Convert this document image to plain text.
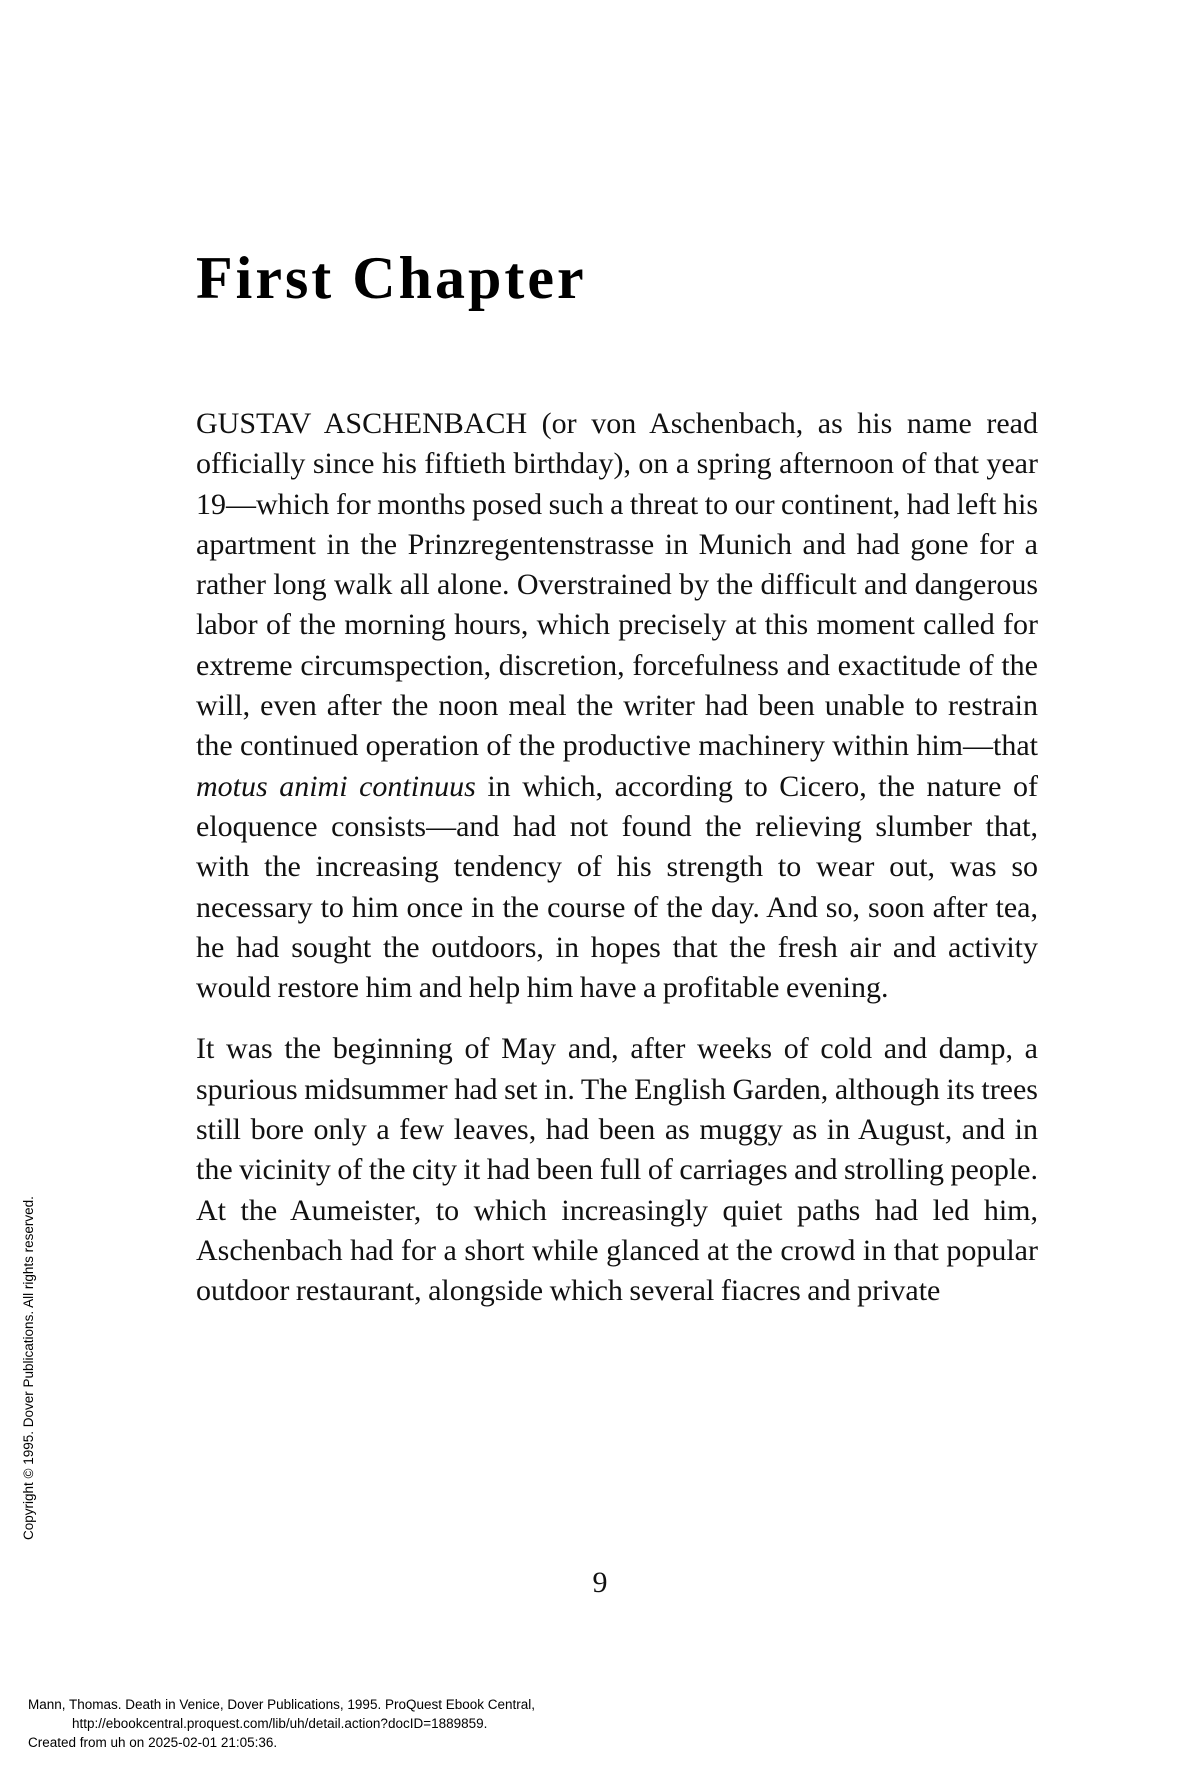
First Chapter

GUSTAV ASCHENBACH (or von Aschenbach, as his name read officially since his fiftieth birthday), on a spring afternoon of that year 19—which for months posed such a threat to our continent, had left his apartment in the Prinzregentenstrasse in Munich and had gone for a rather long walk all alone. Overstrained by the difficult and dangerous labor of the morning hours, which precisely at this moment called for extreme circumspection, discretion, forcefulness and exactitude of the will, even after the noon meal the writer had been unable to restrain the continued operation of the productive machinery within him—that motus animi continuus in which, according to Cicero, the nature of eloquence consists—and had not found the relieving slumber that, with the increasing tendency of his strength to wear out, was so necessary to him once in the course of the day. And so, soon after tea, he had sought the outdoors, in hopes that the fresh air and activity would restore him and help him have a profitable evening.

It was the beginning of May and, after weeks of cold and damp, a spurious midsummer had set in. The English Garden, although its trees still bore only a few leaves, had been as muggy as in August, and in the vicinity of the city it had been full of carriages and strolling people. At the Aumeister, to which increasingly quiet paths had led him, Aschenbach had for a short while glanced at the crowd in that popular outdoor restaurant, alongside which several fiacres and private

9
Copyright © 1995. Dover Publications. All rights reserved.
Mann, Thomas. Death in Venice, Dover Publications, 1995. ProQuest Ebook Central,
http://ebookcentral.proquest.com/lib/uh/detail.action?docID=1889859.
Created from uh on 2025-02-01 21:05:36.
